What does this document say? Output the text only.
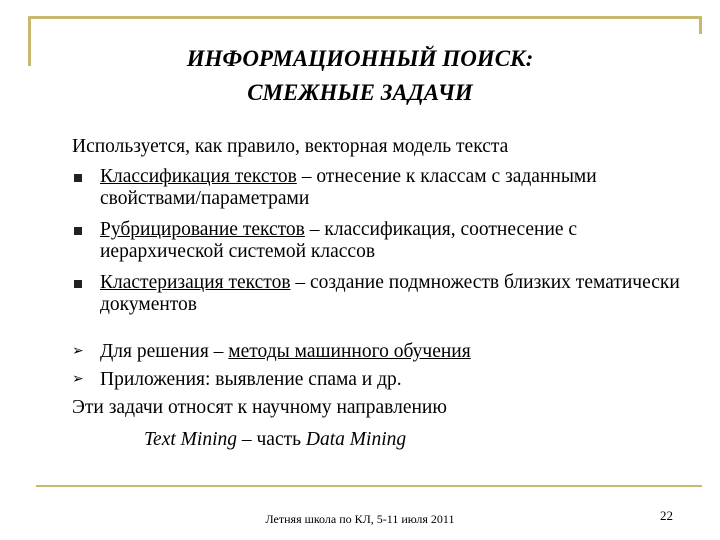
ИНФОРМАЦИОННЫЙ ПОИСК:
СМЕЖНЫЕ ЗАДАЧИ

Используется, как правило, векторная модель текста

Классификация текстов – отнесение к классам с заданными свойствами/параметрами

Рубрицирование текстов – классификация, соотнесение с иерархической системой классов

Кластеризация текстов – создание подмножеств близких тематически документов

➢ Для решения – методы машинного обучения

➢ Приложения: выявление спама и др.

Эти задачи относят к научному направлению

Text Mining – часть Data Mining

Летняя школа по КЛ, 5-11 июля 2011	22
